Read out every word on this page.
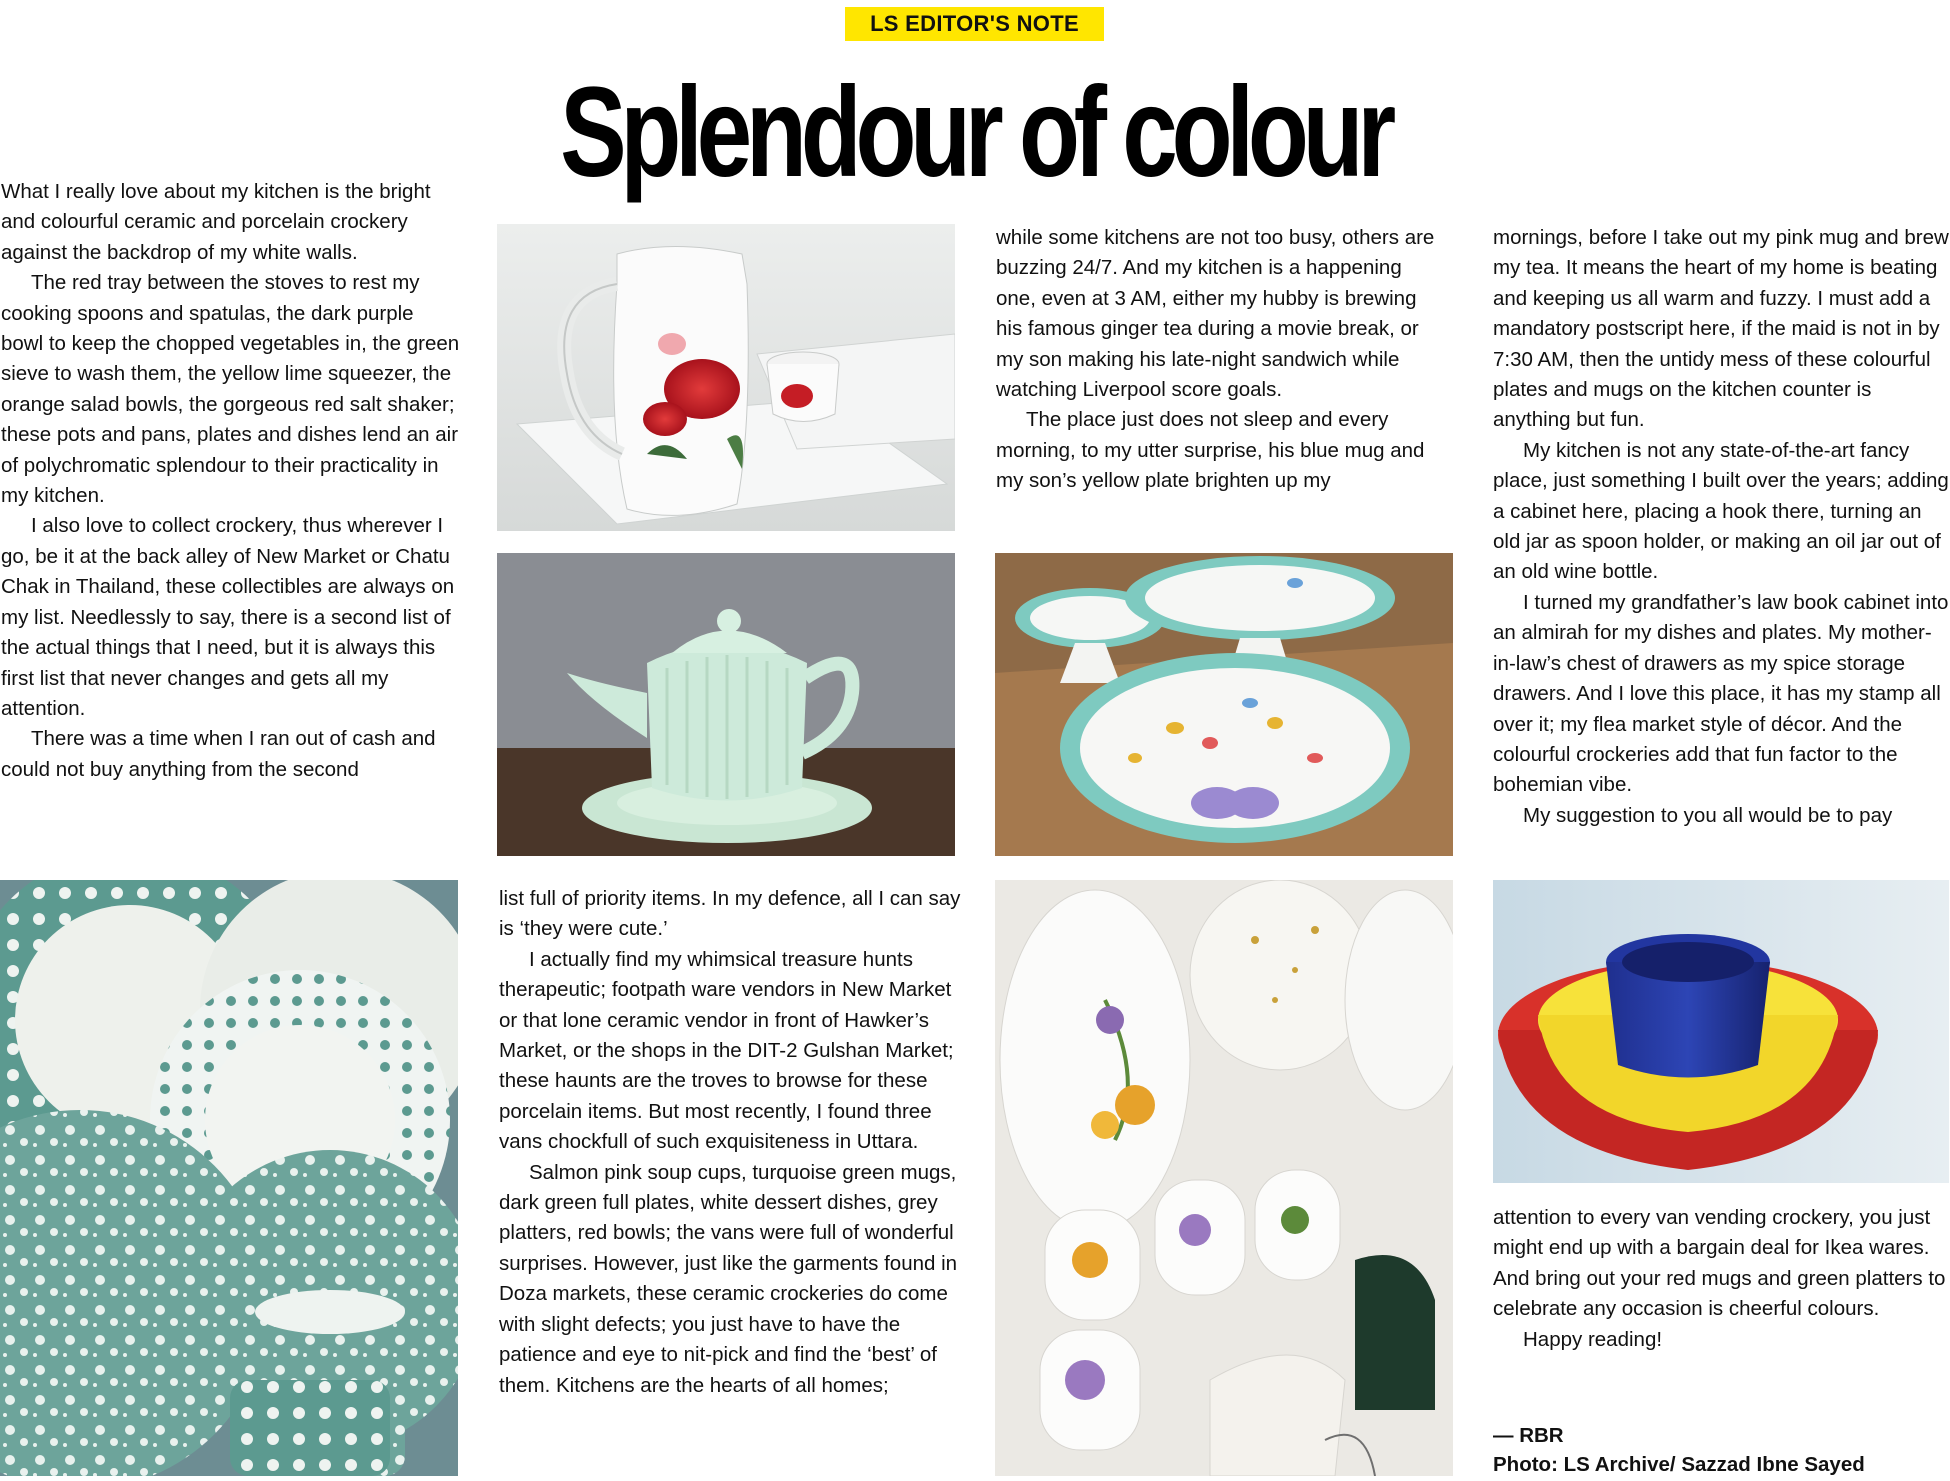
LS EDITOR'S NOTE
Splendour of colour

What I really love about my kitchen is the bright and colourful ceramic and porcelain crockery against the backdrop of my white walls.

The red tray between the stoves to rest my cooking spoons and spatulas, the dark purple bowl to keep the chopped vegetables in, the green sieve to wash them, the yellow lime squeezer, the orange salad bowls, the gorgeous red salt shaker; these pots and pans, plates and dishes lend an air of polychromatic splendour to their practicality in my kitchen.

I also love to collect crockery, thus wherever I go, be it at the back alley of New Market or Chatu Chak in Thailand, these collectibles are always on my list. Needlessly to say, there is a second list of the actual things that I need, but it is always this first list that never changes and gets all my attention.

There was a time when I ran out of cash and could not buy anything from the second

list full of priority items. In my defence, all I can say is ‘they were cute.’

I actually find my whimsical treasure hunts therapeutic; footpath ware vendors in New Market or that lone ceramic vendor in front of Hawker’s Market, or the shops in the DIT-2 Gulshan Market; these haunts are the troves to browse for these porcelain items. But most recently, I found three vans chockfull of such exquisiteness in Uttara.

Salmon pink soup cups, turquoise green mugs, dark green full plates, white dessert dishes, grey platters, red bowls; the vans were full of wonderful surprises. However, just like the garments found in Doza markets, these ceramic crockeries do come with slight defects; you just have to have the patience and eye to nit-pick and find the ‘best’ of them. Kitchens are the hearts of all homes;

while some kitchens are not too busy, others are buzzing 24/7. And my kitchen is a happening one, even at 3 AM, either my hubby is brewing his famous ginger tea during a movie break, or my son making his late-night sandwich while watching Liverpool score goals.

The place just does not sleep and every morning, to my utter surprise, his blue mug and my son’s yellow plate brighten up my

mornings, before I take out my pink mug and brew my tea. It means the heart of my home is beating and keeping us all warm and fuzzy. I must add a mandatory postscript here, if the maid is not in by 7:30 AM, then the untidy mess of these colourful plates and mugs on the kitchen counter is anything but fun.

My kitchen is not any state-of-the-art fancy place, just something I built over the years; adding a cabinet here, placing a hook there, turning an old jar as spoon holder, or making an oil jar out of an old wine bottle.

I turned my grandfather’s law book cabinet into an almirah for my dishes and plates. My mother-in-law’s chest of drawers as my spice storage drawers. And I love this place, it has my stamp all over it; my flea market style of décor. And the colourful crockeries add that fun factor to the bohemian vibe.

My suggestion to you all would be to pay

attention to every van vending crockery, you just might end up with a bargain deal for Ikea wares. And bring out your red mugs and green platters to celebrate any occasion is cheerful colours.

Happy reading!

— RBR
Photo: LS Archive/ Sazzad Ibne Sayed
